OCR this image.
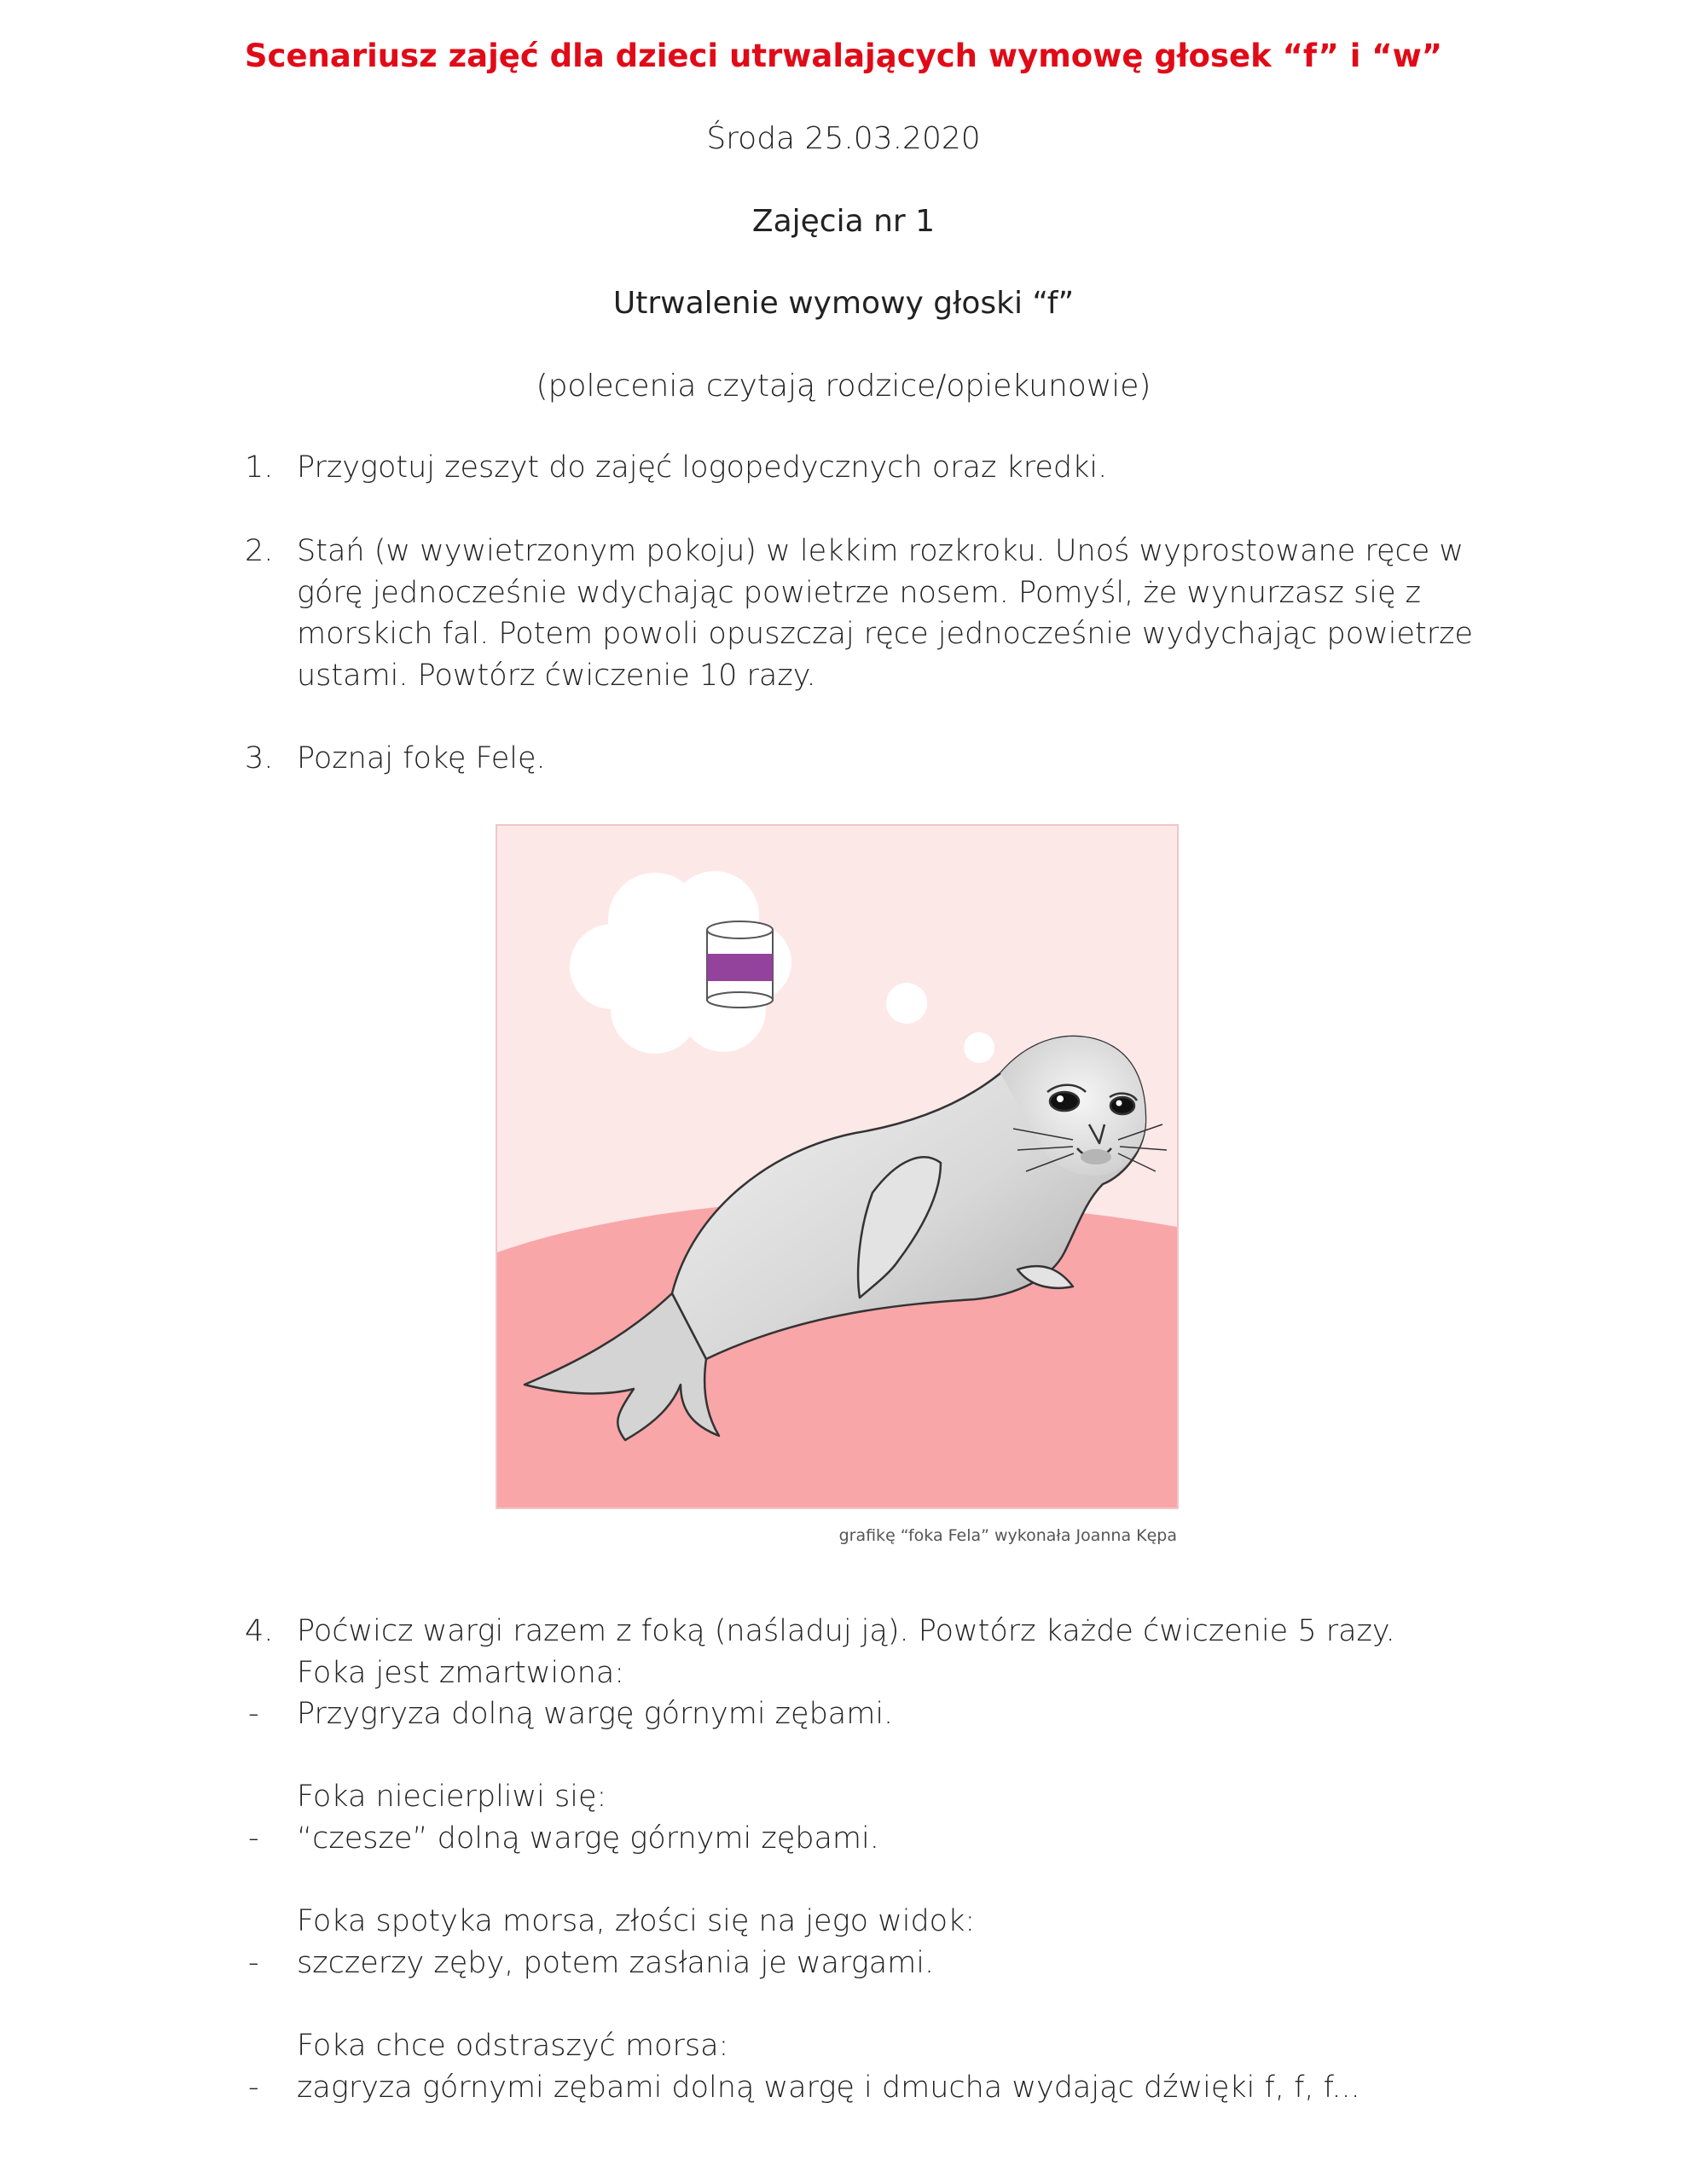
Scenariusz zajęć dla dzieci utrwalających wymowę głosek “f” i “w”
Środa 25.03.2020
Zajęcia nr 1
Utrwalenie wymowy głoski “f”
(polecenia czytają rodzice/opiekunowie)
1. Przygotuj zeszyt do zajęć logopedycznych oraz kredki.
2. Stań (w wywietrzonym pokoju) w lekkim rozkroku. Unoś wyprostowane ręce w
górę jednocześnie wdychając powietrze nosem. Pomyśl, że wynurzasz się z
morskich fal. Potem powoli opuszczaj ręce jednocześnie wydychając powietrze
ustami. Powtórz ćwiczenie 10 razy.
3. Poznaj fokę Felę.
grafikę “foka Fela” wykonała Joanna Kępa
4. Poćwicz wargi razem z foką (naśladuj ją). Powtórz każde ćwiczenie 5 razy.
Foka jest zmartwiona:
- Przygryza dolną wargę górnymi zębami.
Foka niecierpliwi się:
- “czesze” dolną wargę górnymi zębami.
Foka spotyka morsa, złości się na jego widok:
- szczerzy zęby, potem zasłania je wargami.
Foka chce odstraszyć morsa:
- zagryza górnymi zębami dolną wargę i dmucha wydając dźwięki f, f, f...
